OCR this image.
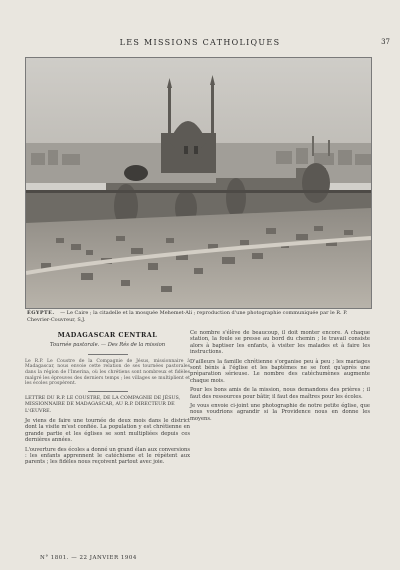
LES MISSIONS CATHOLIQUES	37
ÉGYPTE. — Le Caire ; la citadelle et la mosquée Mehemet-Ali ; reproduction d'une photographie communiquée par le R. P. Chevrier-Couvreur, S.J.
MADAGASCAR CENTRAL
Tournée pastorale. — Des Rés de la mission
Le R.P. Le Coustre de la Compagnie de Jésus, missionnaire à Madagascar, nous envoie cette relation de ses tournées pastorales dans la région de l'Imerina, où les chrétiens sont nombreux et fidèles malgré les épreuves des derniers temps ; les villages se multiplient et les écoles prospèrent.
LETTRE DU R.P. LE COUSTRE, DE LA COMPAGNIE DE JÉSUS, MISSIONNAIRE DE MADAGASCAR, AU R.P. DIRECTEUR DE L'ŒUVRE.
Je viens de faire une tournée de deux mois dans le district dont la visite m'est confiée. La population y est chrétienne en grande partie et les églises se sont multipliées depuis ces dernières années.
L'ouverture des écoles a donné un grand élan aux conversions : les enfants apprennent le catéchisme et le répètent aux parents ; les fidèles nous reçoivent partout avec joie.
Ce nombre s'élève de beaucoup, il doit monter encore. A chaque station, la foule se presse au bord du chemin ; le travail consiste alors à baptiser les enfants, à visiter les malades et à faire les instructions.
D'ailleurs la famille chrétienne s'organise peu à peu ; les mariages sont bénis à l'église et les baptêmes ne se font qu'après une préparation sérieuse. Le nombre des catéchumènes augmente chaque mois.
Pour les bons amis de la mission, nous demandons des prières ; il faut des ressources pour bâtir, il faut des maîtres pour les écoles.
Je vous envoie ci-joint une photographie de notre petite église, que nous voudrions agrandir si la Providence nous en donne les moyens.
N° 1801. — 22 JANVIER 1904
